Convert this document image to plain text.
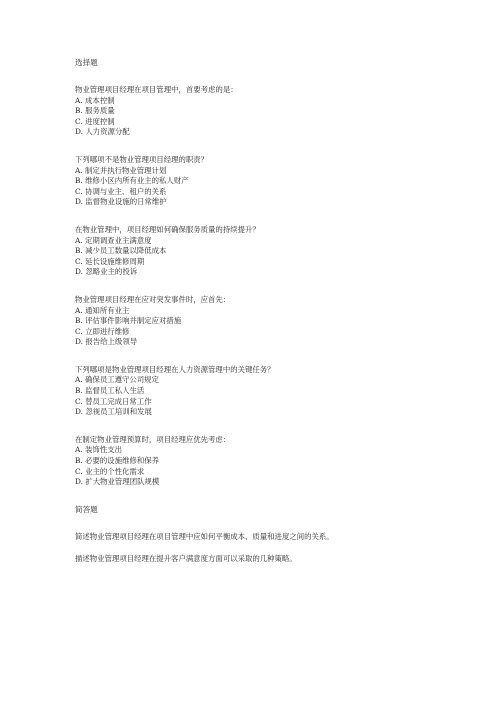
选择题
物业管理项目经理在项目管理中，首要考虑的是：
A. 成本控制
B. 服务质量
C. 进度控制
D. 人力资源分配
下列哪项不是物业管理项目经理的职责？
A. 制定并执行物业管理计划
B. 维修小区内所有业主的私人财产
C. 协调与业主、租户的关系
D. 监督物业设施的日常维护
在物业管理中，项目经理如何确保服务质量的持续提升？
A. 定期调查业主满意度
B. 减少员工数量以降低成本
C. 延长设施维修周期
D. 忽略业主的投诉
物业管理项目经理在应对突发事件时，应首先：
A. 通知所有业主
B. 评估事件影响并制定应对措施
C. 立即进行维修
D. 报告给上级领导
下列哪项是物业管理项目经理在人力资源管理中的关键任务？
A. 确保员工遵守公司规定
B. 监督员工私人生活
C. 替员工完成日常工作
D. 忽视员工培训和发展
在制定物业管理预算时，项目经理应优先考虑：
A. 装饰性支出
B. 必要的设施维修和保养
C. 业主的个性化需求
D. 扩大物业管理团队规模
简答题
简述物业管理项目经理在项目管理中应如何平衡成本、质量和进度之间的关系。
描述物业管理项目经理在提升客户满意度方面可以采取的几种策略。
